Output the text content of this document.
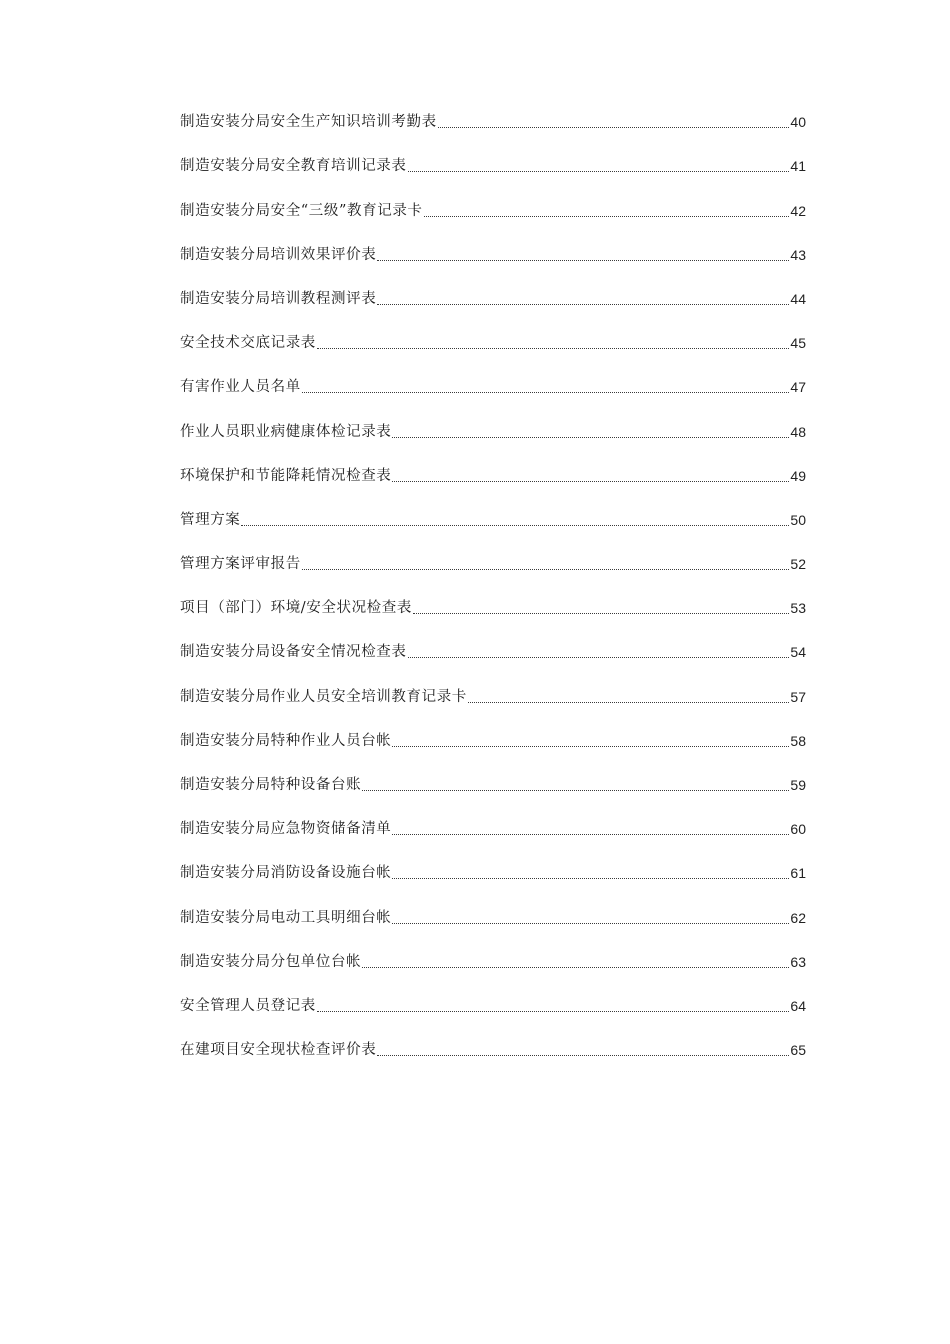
制造安装分局安全生产知识培训考勤表	40
制造安装分局安全教育培训记录表	41
制造安装分局安全“三级”教育记录卡	42
制造安装分局培训效果评价表	43
制造安装分局培训教程测评表	44
安全技术交底记录表	45
有害作业人员名单	47
作业人员职业病健康体检记录表	48
环境保护和节能降耗情况检查表	49
管理方案	50
管理方案评审报告	52
项目（部门）环境/安全状况检查表	53
制造安装分局设备安全情况检查表	54
制造安装分局作业人员安全培训教育记录卡	57
制造安装分局特种作业人员台帐	58
制造安装分局特种设备台账	59
制造安装分局应急物资储备清单	60
制造安装分局消防设备设施台帐	61
制造安装分局电动工具明细台帐	62
制造安装分局分包单位台帐	63
安全管理人员登记表	64
在建项目安全现状检查评价表	65
